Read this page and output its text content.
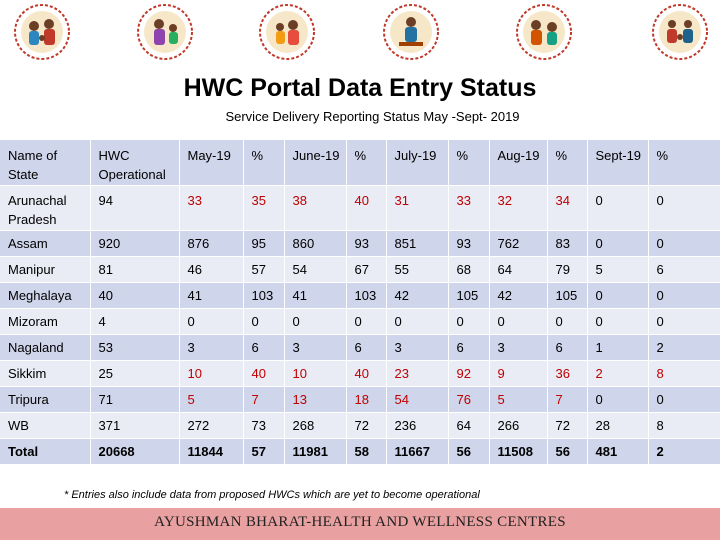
HWC Portal Data Entry Status
Service Delivery Reporting Status May -Sept- 2019
Name of State	HWC Operational	May-19	%	June-19	%	July-19	%	Aug-19	%	Sept-19	%
Arunachal Pradesh	94	33	35	38	40	31	33	32	34	0	0
Assam	920	876	95	860	93	851	93	762	83	0	0
Manipur	81	46	57	54	67	55	68	64	79	5	6
Meghalaya	40	41	103	41	103	42	105	42	105	0	0
Mizoram	4	0	0	0	0	0	0	0	0	0	0
Nagaland	53	3	6	3	6	3	6	3	6	1	2
Sikkim	25	10	40	10	40	23	92	9	36	2	8
Tripura	71	5	7	13	18	54	76	5	7	0	0
WB	371	272	73	268	72	236	64	266	72	28	8
Total	20668	11844	57	11981	58	11667	56	11508	56	481	2
* Entries also include data from proposed HWCs which are yet to become operational
AYUSHMAN BHARAT-HEALTH AND WELLNESS CENTRES
